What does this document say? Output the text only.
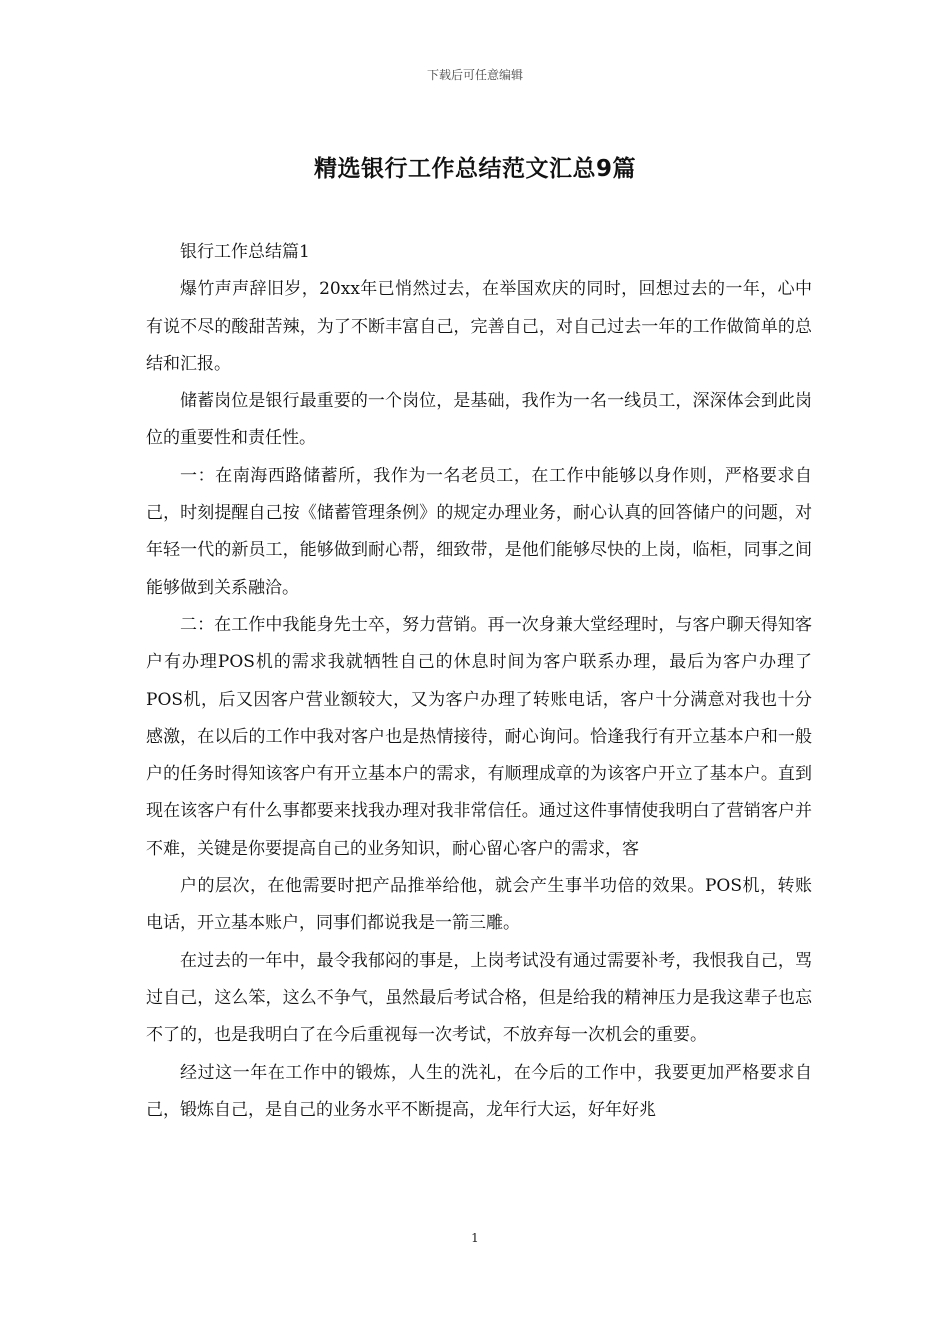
下载后可任意编辑
精选银行工作总结范文汇总9篇

银行工作总结篇1

爆竹声声辞旧岁，20xx年已悄然过去，在举国欢庆的同时，回想过去的一年，心中有说不尽的酸甜苦辣，为了不断丰富自己，完善自己，对自己过去一年的工作做简单的总结和汇报。

储蓄岗位是银行最重要的一个岗位，是基础，我作为一名一线员工，深深体会到此岗位的重要性和责任性。

一：在南海西路储蓄所，我作为一名老员工，在工作中能够以身作则，严格要求自己，时刻提醒自己按《储蓄管理条例》的规定办理业务，耐心认真的回答储户的问题，对年轻一代的新员工，能够做到耐心帮，细致带，是他们能够尽快的上岗，临柜，同事之间能够做到关系融洽。

二：在工作中我能身先士卒，努力营销。再一次身兼大堂经理时，与客户聊天得知客户有办理POS机的需求我就牺牲自己的休息时间为客户联系办理，最后为客户办理了POS机，后又因客户营业额较大，又为客户办理了转账电话，客户十分满意对我也十分感激，在以后的工作中我对客户也是热情接待，耐心询问。恰逢我行有开立基本户和一般户的任务时得知该客户有开立基本户的需求，有顺理成章的为该客户开立了基本户。直到现在该客户有什么事都要来找我办理对我非常信任。通过这件事情使我明白了营销客户并不难，关键是你要提高自己的业务知识，耐心留心客户的需求，客

户的层次，在他需要时把产品推举给他，就会产生事半功倍的效果。POS机，转账电话，开立基本账户，同事们都说我是一箭三雕。

在过去的一年中，最令我郁闷的事是，上岗考试没有通过需要补考，我恨我自己，骂过自己，这么笨，这么不争气，虽然最后考试合格，但是给我的精神压力是我这辈子也忘不了的，也是我明白了在今后重视每一次考试，不放弃每一次机会的重要。

经过这一年在工作中的锻炼，人生的洗礼，在今后的工作中，我要更加严格要求自己，锻炼自己，是自己的业务水平不断提高，龙年行大运，好年好兆

1
